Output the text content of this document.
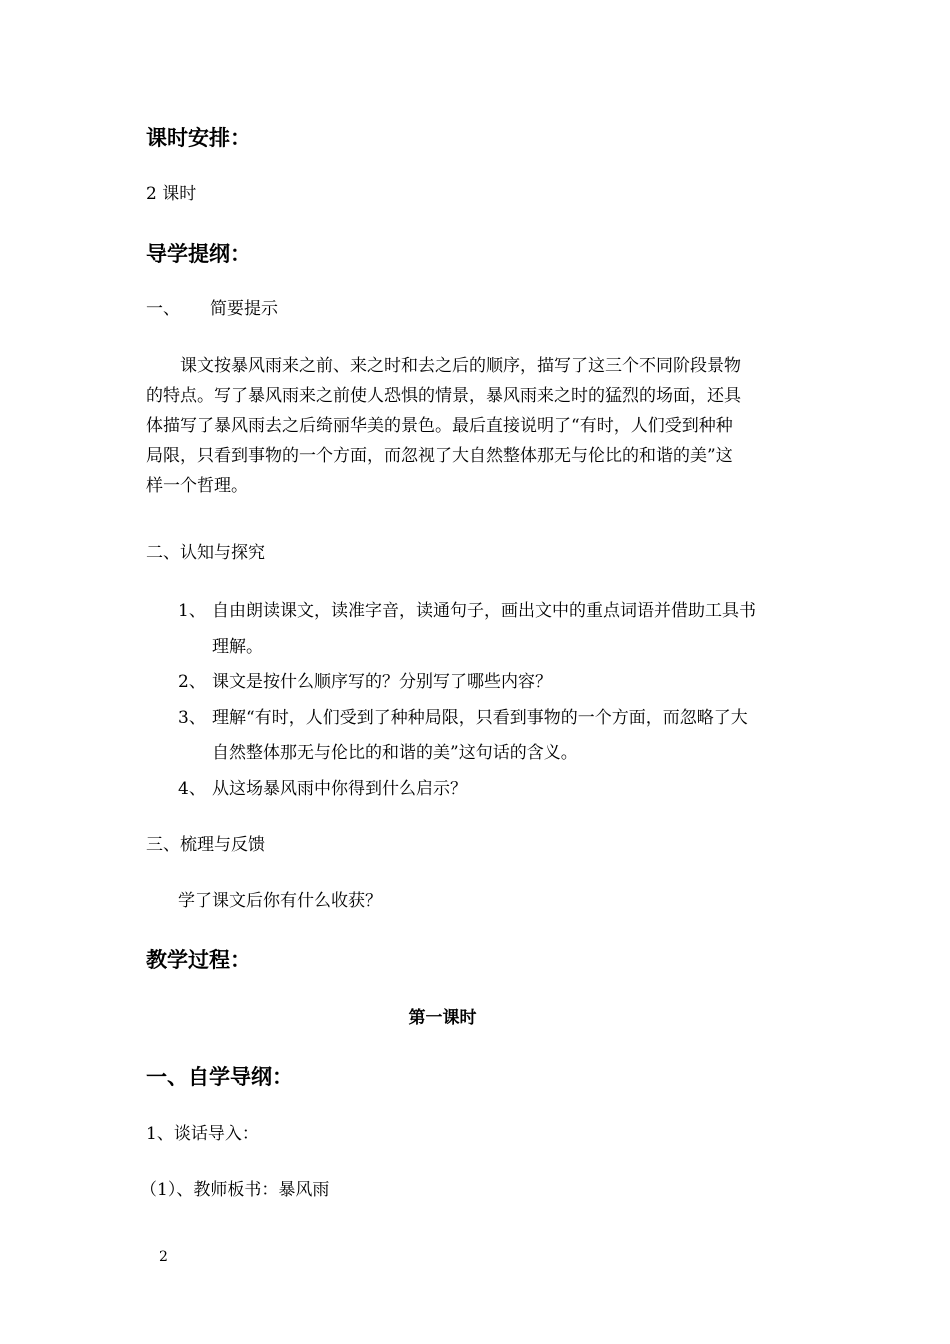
课时安排：

2 课时

导学提纲：

一、 简要提示

课文按暴风雨来之前、来之时和去之后的顺序，描写了这三个不同阶段景物
的特点。写了暴风雨来之前使人恐惧的情景，暴风雨来之时的猛烈的场面，还具
体描写了暴风雨去之后绮丽华美的景色。最后直接说明了“有时，人们受到种种
局限，只看到事物的一个方面，而忽视了大自然整体那无与伦比的和谐的美”这
样一个哲理。

二、认知与探究

1、 自由朗读课文，读准字音，读通句子，画出文中的重点词语并借助工具书

理解。

2、 课文是按什么顺序写的？分别写了哪些内容？

3、 理解“有时，人们受到了种种局限，只看到事物的一个方面，而忽略了大

自然整体那无与伦比的和谐的美”这句话的含义。

4、 从这场暴风雨中你得到什么启示？

三、梳理与反馈

学了课文后你有什么收获？

教学过程：

第一课时

一、自学导纲：

1、谈话导入：

（1）、教师板书：暴风雨

2
